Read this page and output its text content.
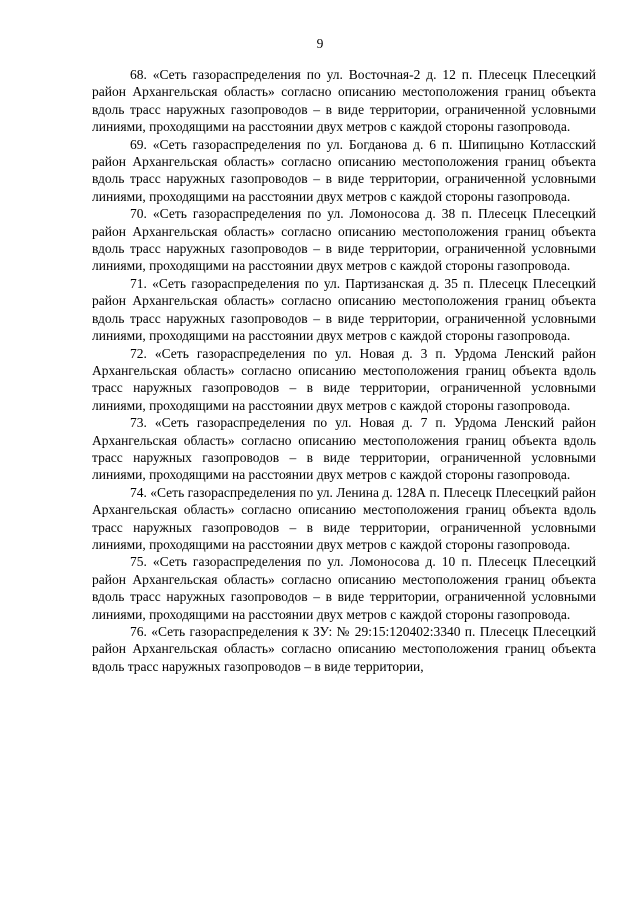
9

68. «Сеть газораспределения по ул. Восточная-2 д. 12 п. Плесецк Плесецкий район Архангельская область» согласно описанию местоположения границ объекта вдоль трасс наружных газопроводов – в виде территории, ограниченной условными линиями, проходящими на расстоянии двух метров с каждой стороны газопровода.

69. «Сеть газораспределения по ул. Богданова д. 6 п. Шипицыно Котласский район Архангельская область» согласно описанию местоположения границ объекта вдоль трасс наружных газопроводов – в виде территории, ограниченной условными линиями, проходящими на расстоянии двух метров с каждой стороны газопровода.

70. «Сеть газораспределения по ул. Ломоносова д. 38 п. Плесецк Плесецкий район Архангельская область» согласно описанию местоположения границ объекта вдоль трасс наружных газопроводов – в виде территории, ограниченной условными линиями, проходящими на расстоянии двух метров с каждой стороны газопровода.

71. «Сеть газораспределения по ул. Партизанская д. 35 п. Плесецк Плесецкий район Архангельская область» согласно описанию местоположения границ объекта вдоль трасс наружных газопроводов – в виде территории, ограниченной условными линиями, проходящими на расстоянии двух метров с каждой стороны газопровода.

72. «Сеть газораспределения по ул. Новая д. 3 п. Урдома Ленский район Архангельская область» согласно описанию местоположения границ объекта вдоль трасс наружных газопроводов – в виде территории, ограниченной условными линиями, проходящими на расстоянии двух метров с каждой стороны газопровода.

73. «Сеть газораспределения по ул. Новая д. 7 п. Урдома Ленский район Архангельская область» согласно описанию местоположения границ объекта вдоль трасс наружных газопроводов – в виде территории, ограниченной условными линиями, проходящими на расстоянии двух метров с каждой стороны газопровода.

74. «Сеть газораспределения по ул. Ленина д. 128А п. Плесецк Плесецкий район Архангельская область» согласно описанию местоположения границ объекта вдоль трасс наружных газопроводов – в виде территории, ограниченной условными линиями, проходящими на расстоянии двух метров с каждой стороны газопровода.

75. «Сеть газораспределения по ул. Ломоносова д. 10 п. Плесецк Плесецкий район Архангельская область» согласно описанию местоположения границ объекта вдоль трасс наружных газопроводов – в виде территории, ограниченной условными линиями, проходящими на расстоянии двух метров с каждой стороны газопровода.

76. «Сеть газораспределения к ЗУ: № 29:15:120402:3340 п. Плесецк Плесецкий район Архангельская область» согласно описанию местоположения границ объекта вдоль трасс наружных газопроводов – в виде территории,
